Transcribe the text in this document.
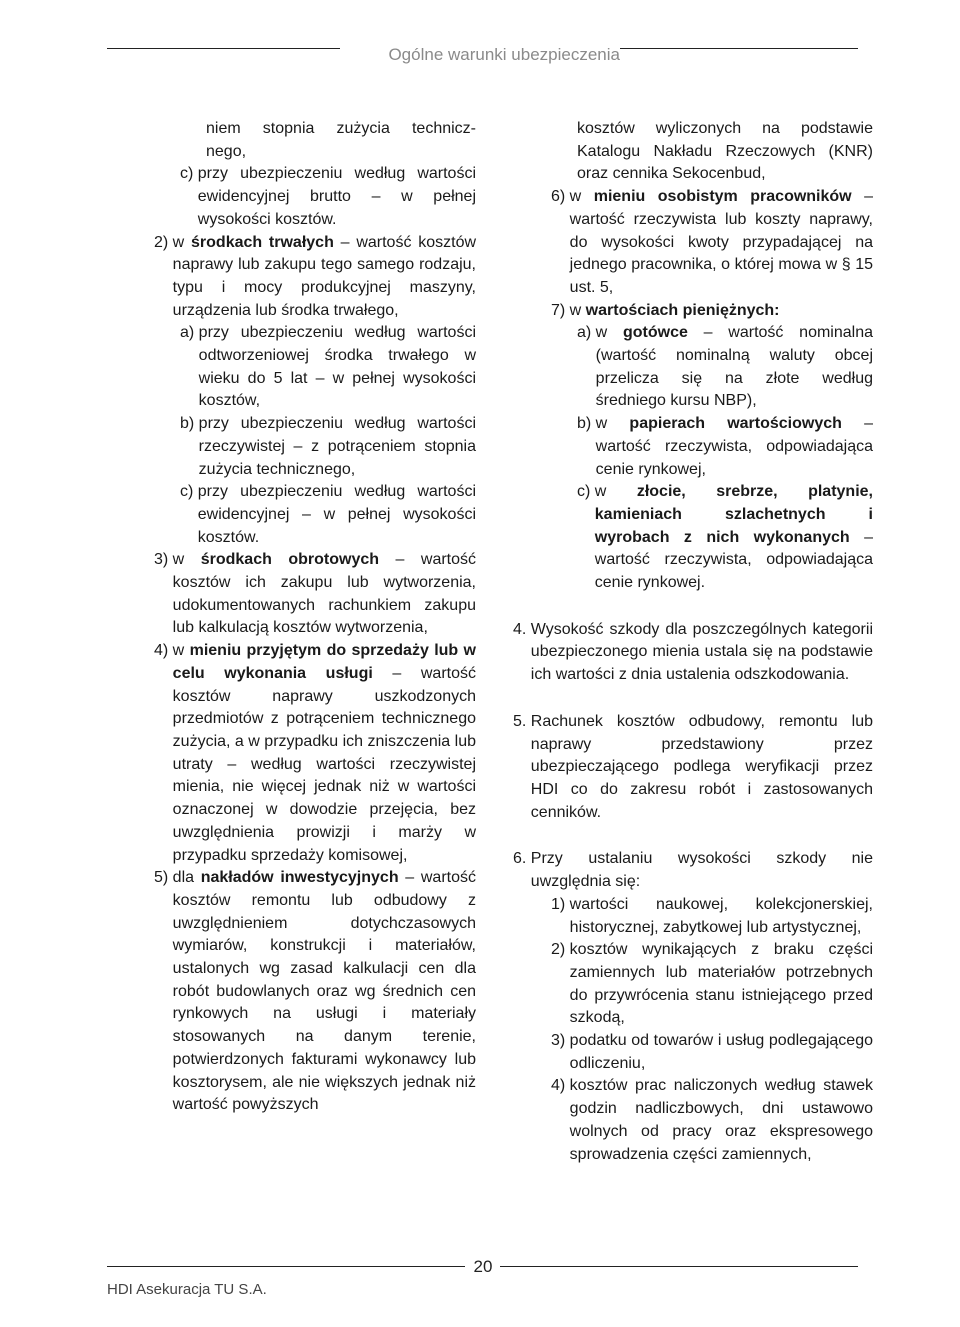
Ogólne warunki ubezpieczenia
niem stopnia zużycia technicz-
nego,
c) przy ubezpieczeniu według wartości ewidencyjnej brutto – w pełnej wysokości kosztów.
2) w środkach trwałych – wartość kosztów naprawy lub zakupu tego samego rodzaju, typu i mocy produkcyjnej maszyny, urządzenia lub środka trwałego,
a) przy ubezpieczeniu według wartości odtworzeniowej środka trwałego w wieku do 5 lat – w pełnej wysokości kosztów,
b) przy ubezpieczeniu według wartości rzeczywistej – z potrąceniem stopnia zużycia technicznego,
c) przy ubezpieczeniu według wartości ewidencyjnej – w pełnej wysokości kosztów.
3) w środkach obrotowych – wartość kosztów ich zakupu lub wytworzenia, udokumentowanych rachunkiem zakupu lub kalkulacją kosztów wytworzenia,
4) w mieniu przyjętym do sprzedaży lub w celu wykonania usługi – wartość kosztów naprawy uszkodzonych przedmiotów z potrąceniem technicznego zużycia, a w przypadku ich zniszczenia lub utraty – według wartości rzeczywistej mienia, nie więcej jednak niż w wartości oznaczonej w dowodzie przejęcia, bez uwzględnienia prowizji i marży w przypadku sprzedaży komisowej,
5) dla nakładów inwestycyjnych – wartość kosztów remontu lub odbudowy z uwzględnieniem dotychczasowych wymiarów, konstrukcji i materiałów, ustalonych wg zasad kalkulacji cen dla robót budowlanych oraz wg średnich cen rynkowych na usługi i materiały stosowanych na danym terenie, potwierdzonych fakturami wykonawcy lub kosztorysem, ale nie większych jednak niż wartość powyższych
kosztów wyliczonych na podstawie Katalogu Nakładu Rzeczowych (KNR) oraz cennika Sekocenbud,
6) w mieniu osobistym pracowników – wartość rzeczywista lub koszty naprawy, do wysokości kwoty przypadającej na jednego pracownika, o której mowa w § 15 ust. 5,
7) w wartościach pieniężnych:
a) w gotówce – wartość nominalna (wartość nominalną waluty obcej przelicza się na złote według średniego kursu NBP),
b) w papierach wartościowych – wartość rzeczywista, odpowiadająca cenie rynkowej,
c) w złocie, srebrze, platynie, kamieniach szlachetnych i wyrobach z nich wykonanych – wartość rzeczywista, odpowiadająca cenie rynkowej.
4. Wysokość szkody dla poszczególnych kategorii ubezpieczonego mienia ustala się na podstawie ich wartości z dnia ustalenia odszkodowania.
5. Rachunek kosztów odbudowy, remontu lub naprawy przedstawiony przez ubezpieczającego podlega weryfikacji przez HDI co do zakresu robót i zastosowanych cenników.
6. Przy ustalaniu wysokości szkody nie uwzględnia się:
1) wartości naukowej, kolekcjonerskiej, historycznej, zabytkowej lub artystycznej,
2) kosztów wynikających z braku części zamiennych lub materiałów potrzebnych do przywrócenia stanu istniejącego przed szkodą,
3) podatku od towarów i usług podlegającego odliczeniu,
4) kosztów prac naliczonych według stawek godzin nadliczbowych, dni ustawowo wolnych od pracy oraz ekspresowego sprowadzenia części zamiennych,
20
HDI Asekuracja TU S.A.
